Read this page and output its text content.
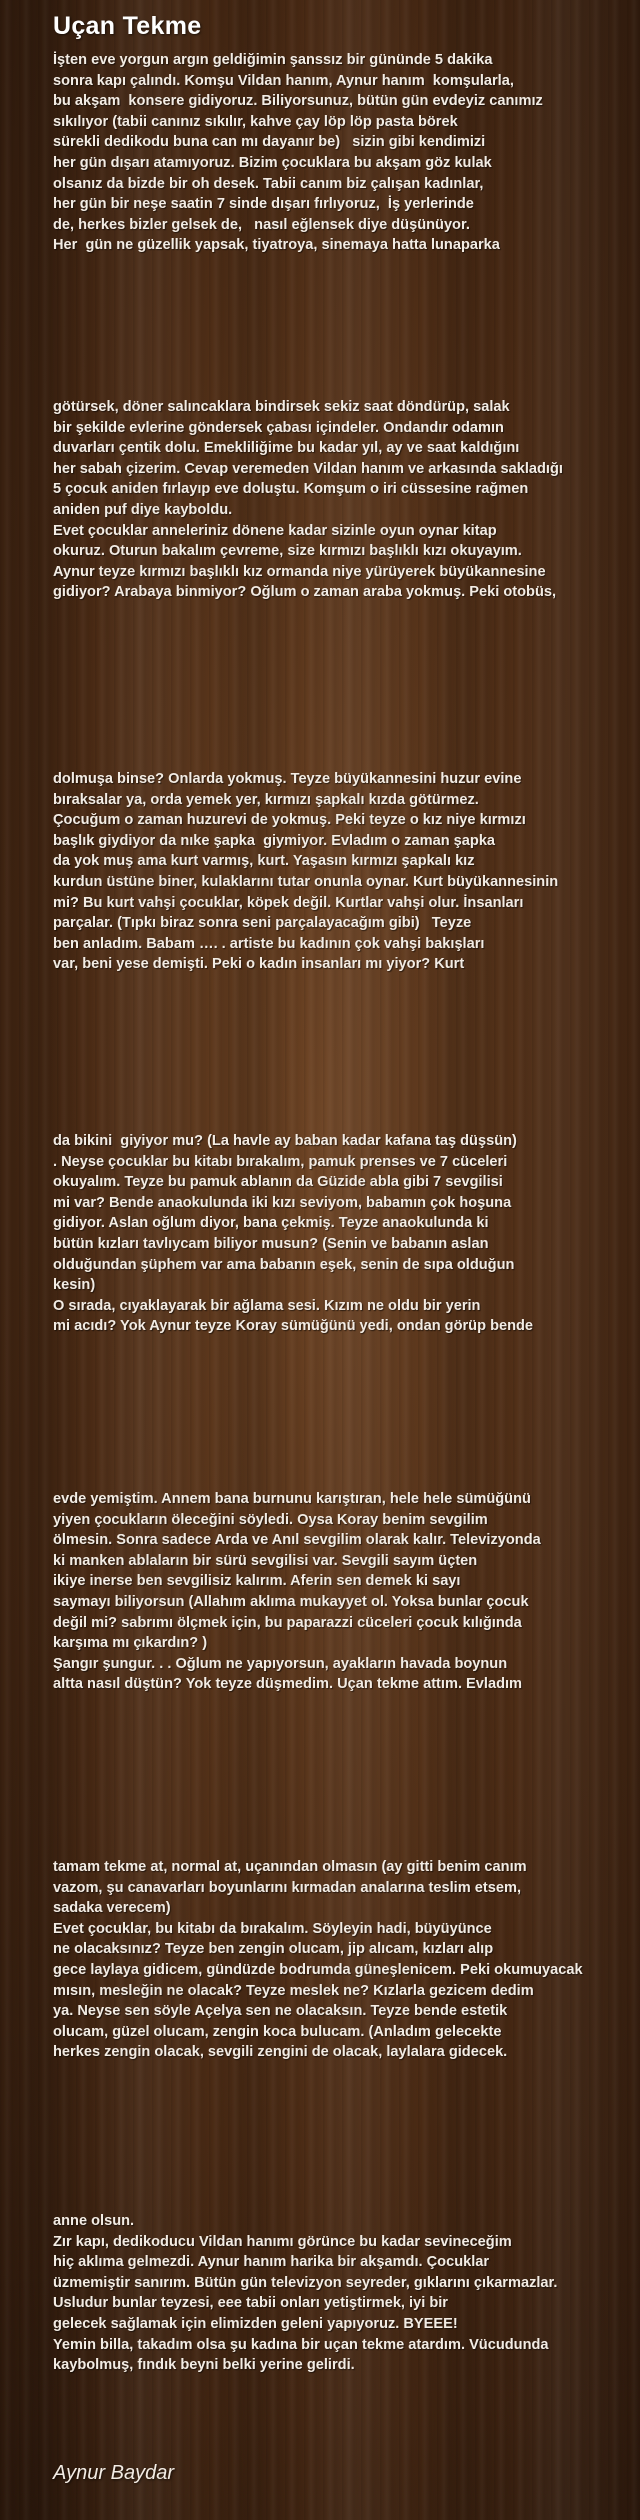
Uçan Tekme
İşten eve yorgun argın geldiğimin şanssız bir gününde 5 dakika
sonra kapı çalındı. Komşu Vildan hanım, Aynur hanım  komşularla,
bu akşam  konsere gidiyoruz. Biliyorsunuz, bütün gün evdeyiz canımız
sıkılıyor (tabii canınız sıkılır, kahve çay löp löp pasta börek
sürekli dedikodu buna can mı dayanır be)   sizin gibi kendimizi
her gün dışarı atamıyoruz. Bizim çocuklara bu akşam göz kulak
olsanız da bizde bir oh desek. Tabii canım biz çalışan kadınlar,
her gün bir neşe saatin 7 sinde dışarı fırlıyoruz,  İş yerlerinde
de, herkes bizler gelsek de,   nasıl eğlensek diye düşünüyor.
Her  gün ne güzellik yapsak, tiyatroya, sinemaya hatta lunaparka
götürsek, döner salıncaklara bindirsek sekiz saat döndürüp, salak
bir şekilde evlerine göndersek çabası içindeler. Ondandır odamın
duvarları çentik dolu. Emekliliğime bu kadar yıl, ay ve saat kaldığını
her sabah çizerim. Cevap veremeden Vildan hanım ve arkasında sakladığı
5 çocuk aniden fırlayıp eve doluştu. Komşum o iri cüssesine rağmen
aniden puf diye kayboldu.
Evet çocuklar anneleriniz dönene kadar sizinle oyun oynar kitap
okuruz. Oturun bakalım çevreme, size kırmızı başlıklı kızı okuyayım.
Aynur teyze kırmızı başlıklı kız ormanda niye yürüyerek büyükannesine
gidiyor? Arabaya binmiyor? Oğlum o zaman araba yokmuş. Peki otobüs,
dolmuşa binse? Onlarda yokmuş. Teyze büyükannesini huzur evine
bıraksalar ya, orda yemek yer, kırmızı şapkalı kızda götürmez.
Çocuğum o zaman huzurevi de yokmuş. Peki teyze o kız niye kırmızı
başlık giydiyor da nıke şapka  giymiyor. Evladım o zaman şapka
da yok muş ama kurt varmış, kurt. Yaşasın kırmızı şapkalı kız
kurdun üstüne biner, kulaklarını tutar onunla oynar. Kurt büyükannesinin
mi? Bu kurt vahşi çocuklar, köpek değil. Kurtlar vahşi olur. İnsanları
parçalar. (Tıpkı biraz sonra seni parçalayacağım gibi)   Teyze
ben anladım. Babam …. . artiste bu kadının çok vahşi bakışları
var, beni yese demişti. Peki o kadın insanları mı yiyor? Kurt
da bikini  giyiyor mu? (La havle ay baban kadar kafana taş düşsün)
. Neyse çocuklar bu kitabı bırakalım, pamuk prenses ve 7 cüceleri
okuyalım. Teyze bu pamuk ablanın da Güzide abla gibi 7 sevgilisi
mi var? Bende anaokulunda iki kızı seviyom, babamın çok hoşuna
gidiyor. Aslan oğlum diyor, bana çekmiş. Teyze anaokulunda ki
bütün kızları tavlıycam biliyor musun? (Senin ve babanın aslan
olduğundan şüphem var ama babanın eşek, senin de sıpa olduğun
kesin)
O sırada, cıyaklayarak bir ağlama sesi. Kızım ne oldu bir yerin
mi acıdı? Yok Aynur teyze Koray sümüğünü yedi, ondan görüp bende
evde yemiştim. Annem bana burnunu karıştıran, hele hele sümüğünü
yiyen çocukların öleceğini söyledi. Oysa Koray benim sevgilim
ölmesin. Sonra sadece Arda ve Anıl sevgilim olarak kalır. Televizyonda
ki manken ablaların bir sürü sevgilisi var. Sevgili sayım üçten
ikiye inerse ben sevgilisiz kalırım. Aferin sen demek ki sayı
saymayı biliyorsun (Allahım aklıma mukayyet ol. Yoksa bunlar çocuk
değil mi? sabrımı ölçmek için, bu paparazzi cüceleri çocuk kılığında
karşıma mı çıkardın? )
Şangır şungur. . . Oğlum ne yapıyorsun, ayakların havada boynun
altta nasıl düştün? Yok teyze düşmedim. Uçan tekme attım. Evladım
tamam tekme at, normal at, uçanından olmasın (ay gitti benim canım
vazom, şu canavarları boyunlarını kırmadan analarına teslim etsem,
sadaka verecem)
Evet çocuklar, bu kitabı da bırakalım. Söyleyin hadi, büyüyünce
ne olacaksınız? Teyze ben zengin olucam, jip alıcam, kızları alıp
gece laylaya gidicem, gündüzde bodrumda güneşlenicem. Peki okumuyacak
mısın, mesleğin ne olacak? Teyze meslek ne? Kızlarla gezicem dedim
ya. Neyse sen söyle Açelya sen ne olacaksın. Teyze bende estetik
olucam, güzel olucam, zengin koca bulucam. (Anladım gelecekte
herkes zengin olacak, sevgili zengini de olacak, laylalara gidecek.
anne olsun.
Zır kapı, dedikoducu Vildan hanımı görünce bu kadar sevineceğim
hiç aklıma gelmezdi. Aynur hanım harika bir akşamdı. Çocuklar
üzmemiştir sanırım. Bütün gün televizyon seyreder, gıklarını çıkarmazlar.
Usludur bunlar teyzesi, eee tabii onları yetiştirmek, iyi bir
gelecek sağlamak için elimizden geleni yapıyoruz. BYEEE!
Yemin billa, takadım olsa şu kadına bir uçan tekme atardım. Vücudunda
kaybolmuş, fındık beyni belki yerine gelirdi.
Aynur Baydar
